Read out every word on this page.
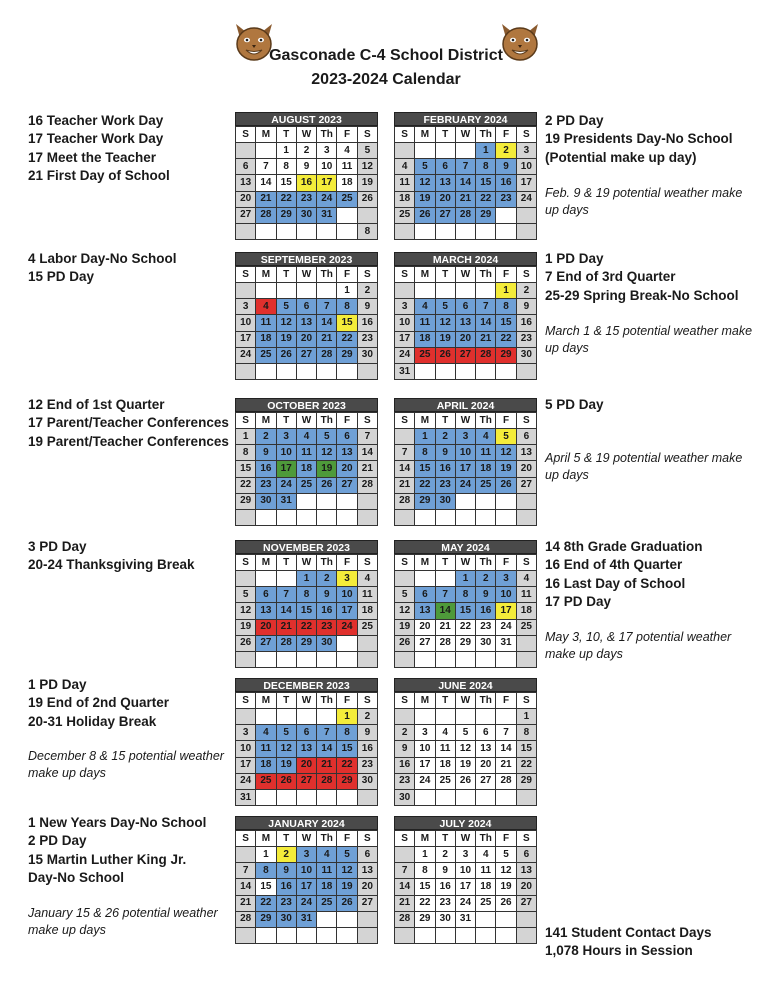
Gasconade C-4 School District
2023-2024 Calendar
AUGUST 2023
S	M	T	W	Th	F	S
		1	2	3	4	5
6	7	8	9	10	11	12
13	14	15	16	17	18	19
20	21	22	23	24	25	26
27	28	29	30	31		
						8
FEBRUARY 2024
S	M	T	W	Th	F	S
				1	2	3
4	5	6	7	8	9	10
11	12	13	14	15	16	17
18	19	20	21	22	23	24
25	26	27	28	29		

SEPTEMBER 2023
S	M	T	W	Th	F	S
					1	2
3	4	5	6	7	8	9
10	11	12	13	14	15	16
17	18	19	20	21	22	23
24	25	26	27	28	29	30

MARCH 2024
S	M	T	W	Th	F	S
					1	2
3	4	5	6	7	8	9
10	11	12	13	14	15	16
17	18	19	20	21	22	23
24	25	26	27	28	29	30
31						
OCTOBER 2023
S	M	T	W	Th	F	S
1	2	3	4	5	6	7
8	9	10	11	12	13	14
15	16	17	18	19	20	21
22	23	24	25	26	27	28
29	30	31				

APRIL 2024
S	M	T	W	Th	F	S
	1	2	3	4	5	6
7	8	9	10	11	12	13
14	15	16	17	18	19	20
21	22	23	24	25	26	27
28	29	30				

NOVEMBER 2023
S	M	T	W	Th	F	S
			1	2	3	4
5	6	7	8	9	10	11
12	13	14	15	16	17	18
19	20	21	22	23	24	25
26	27	28	29	30		

MAY 2024
S	M	T	W	Th	F	S
			1	2	3	4
5	6	7	8	9	10	11
12	13	14	15	16	17	18
19	20	21	22	23	24	25
26	27	28	29	30	31	

DECEMBER 2023
S	M	T	W	Th	F	S
					1	2
3	4	5	6	7	8	9
10	11	12	13	14	15	16
17	18	19	20	21	22	23
24	25	26	27	28	29	30
31						
JUNE 2024
S	M	T	W	Th	F	S
						1
2	3	4	5	6	7	8
9	10	11	12	13	14	15
16	17	18	19	20	21	22
23	24	25	26	27	28	29
30						
JANUARY 2024
S	M	T	W	Th	F	S
	1	2	3	4	5	6
7	8	9	10	11	12	13
14	15	16	17	18	19	20
21	22	23	24	25	26	27
28	29	30	31			

JULY 2024
S	M	T	W	Th	F	S
	1	2	3	4	5	6
7	8	9	10	11	12	13
14	15	16	17	18	19	20
21	22	23	24	25	26	27
28	29	30	31			

16 Teacher Work Day
17 Teacher Work Day
17 Meet the Teacher
21 First Day of School
4 Labor Day-No School
15 PD Day
12 End of 1st Quarter
17 Parent/Teacher Conferences
19 Parent/Teacher Conferences
3 PD Day
20-24 Thanksgiving Break
1 PD Day
19 End of 2nd Quarter
20-31 Holiday Break
December 8 & 15 potential weather make up days
1 New Years Day-No School
2 PD Day
15 Martin Luther King Jr.
Day-No School
January 15 & 26 potential weather make up days
2 PD Day
19 Presidents Day-No School
(Potential make up day)
Feb. 9 & 19 potential weather make up days
1 PD Day
7 End of 3rd Quarter
25-29 Spring Break-No School
March 1 & 15 potential weather make up days
5 PD Day
April 5 & 19 potential weather make up days
14 8th Grade Graduation
16 End of 4th Quarter
16 Last Day of School
17 PD Day
May 3, 10, & 17 potential weather make up days
141 Student Contact Days
1,078 Hours in Session
